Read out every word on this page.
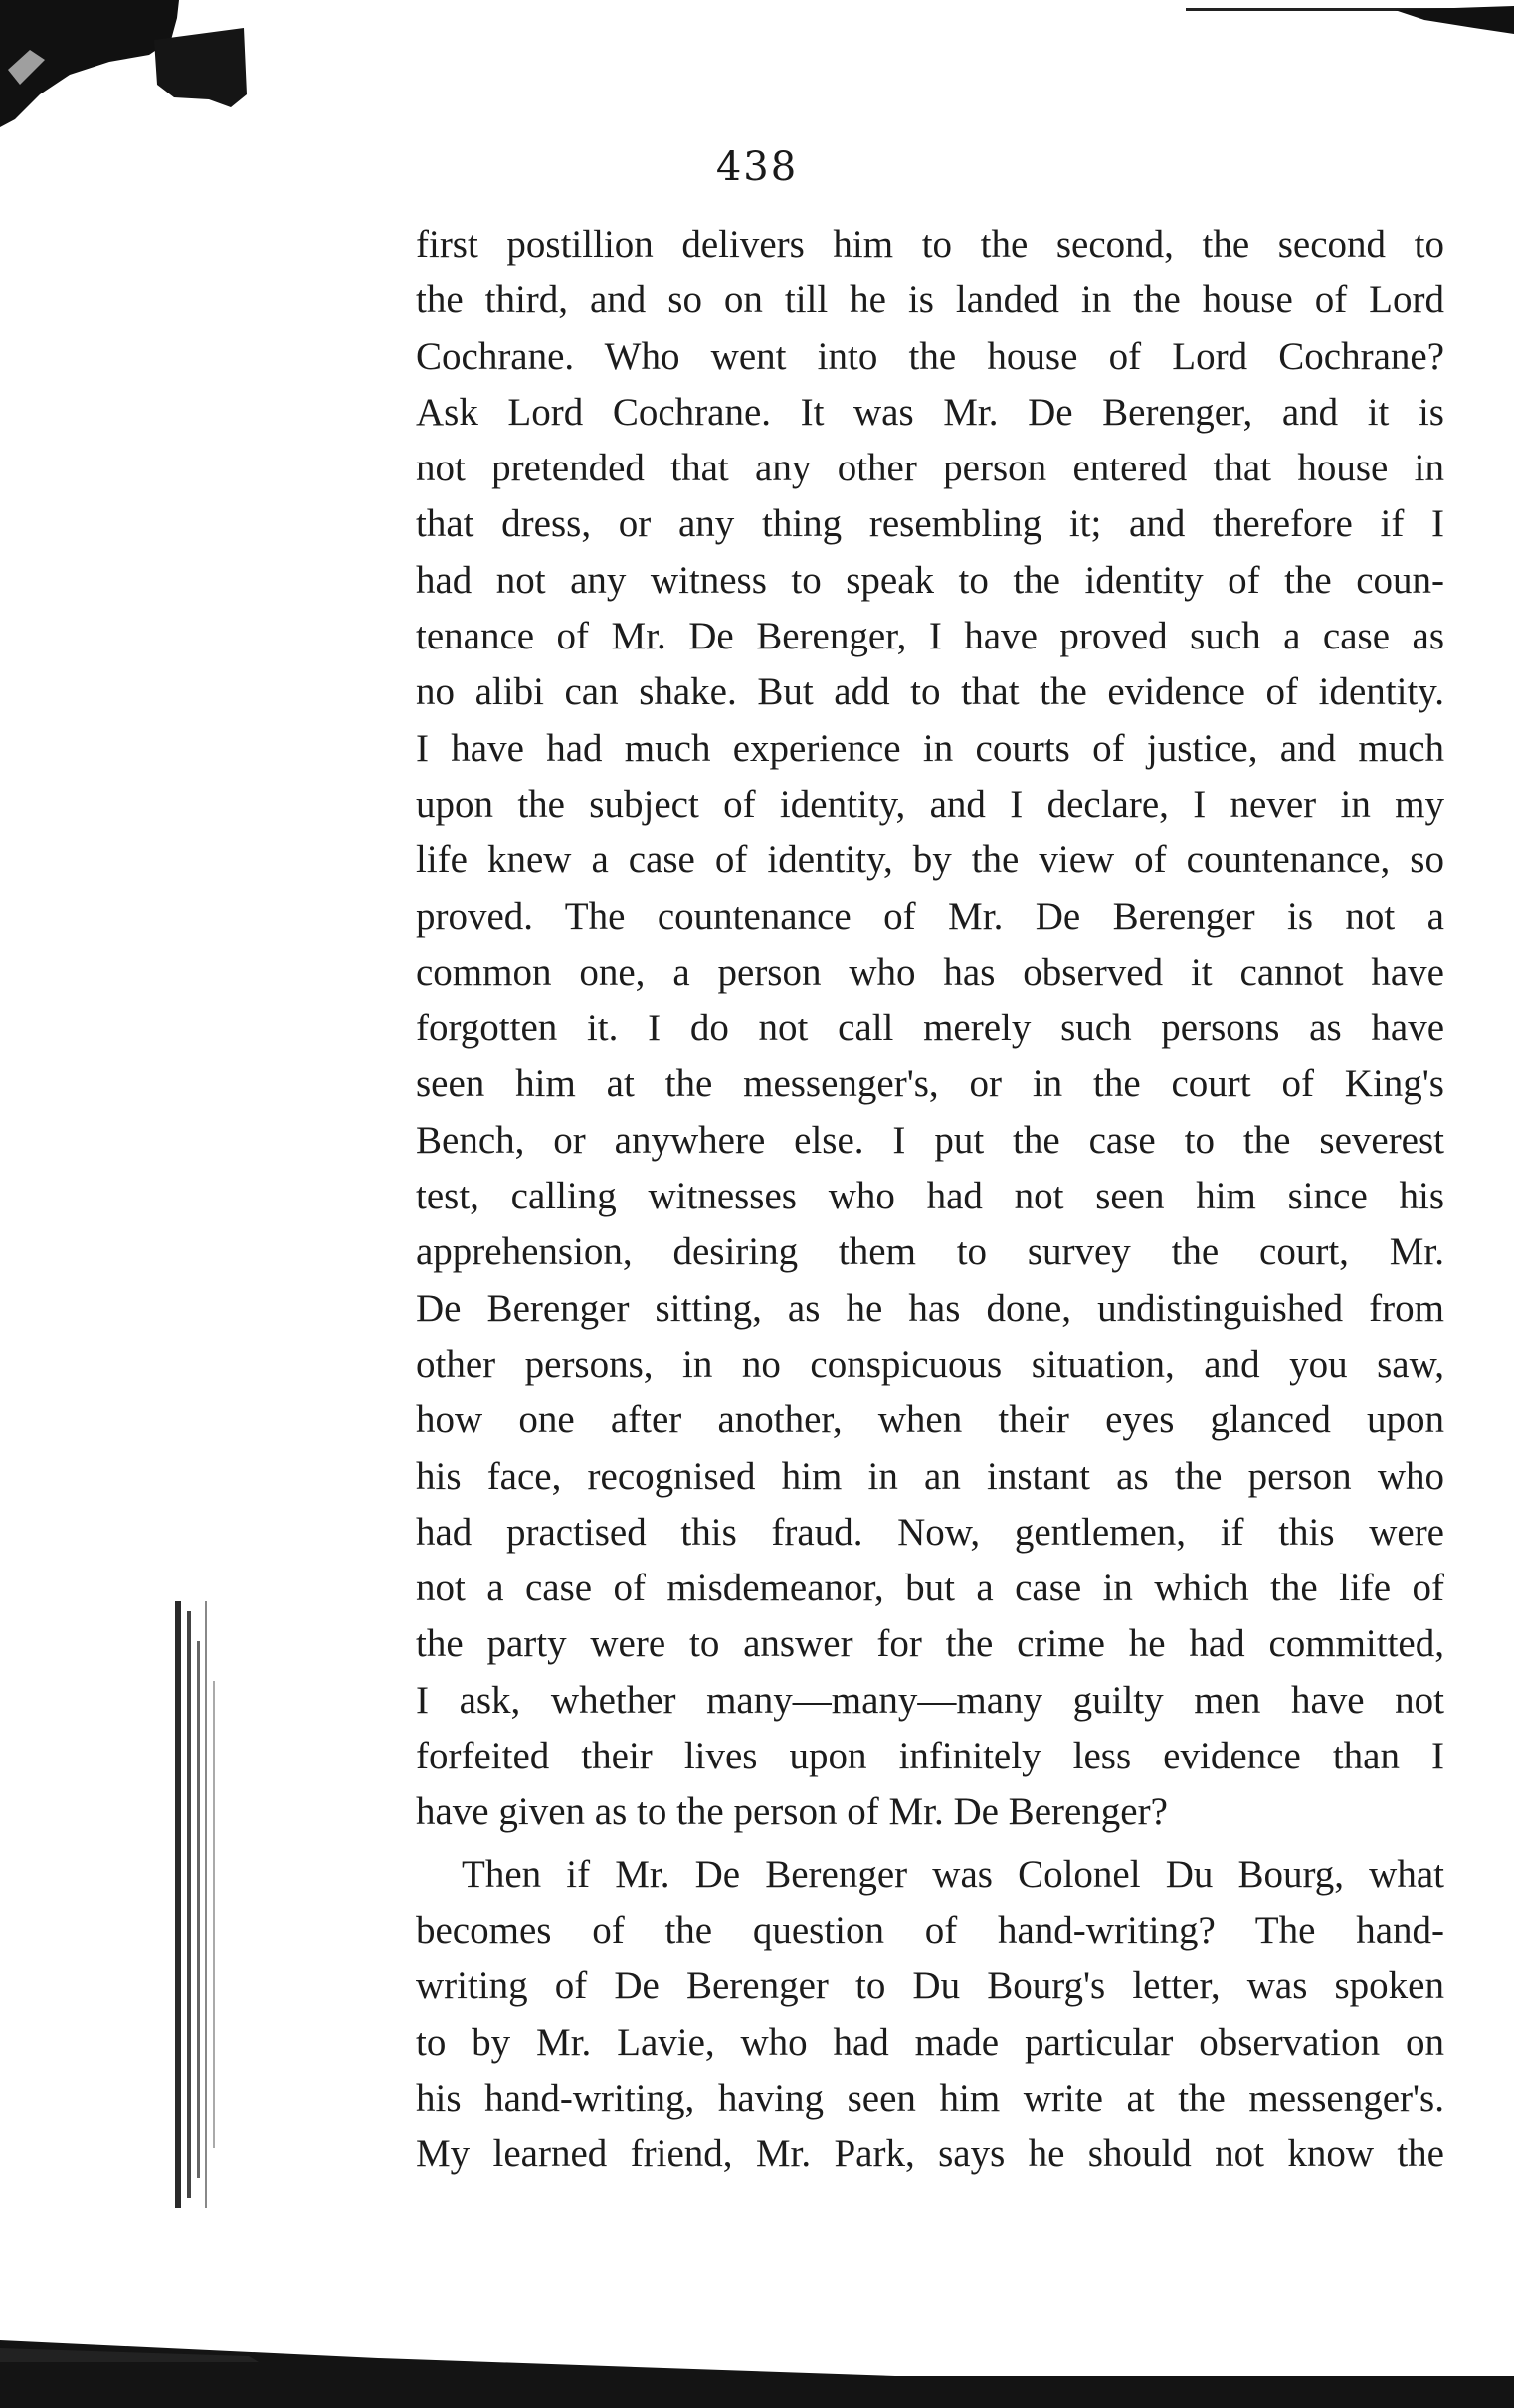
438
first postillion delivers him to the second, the second to
the third, and so on till he is landed in the house of Lord
Cochrane. Who went into the house of Lord Cochrane?
Ask Lord Cochrane. It was Mr. De Berenger, and it is
not pretended that any other person entered that house in
that dress, or any thing resembling it; and therefore if I
had not any witness to speak to the identity of the coun-
tenance of Mr. De Berenger, I have proved such a case as
no alibi can shake. But add to that the evidence of identity.
I have had much experience in courts of justice, and much
upon the subject of identity, and I declare, I never in my
life knew a case of identity, by the view of countenance, so
proved. The countenance of Mr. De Berenger is not a
common one, a person who has observed it cannot have
forgotten it. I do not call merely such persons as have
seen him at the messenger's, or in the court of King's
Bench, or anywhere else. I put the case to the severest
test, calling witnesses who had not seen him since his
apprehension, desiring them to survey the court, Mr.
De Berenger sitting, as he has done, undistinguished from
other persons, in no conspicuous situation, and you saw,
how one after another, when their eyes glanced upon
his face, recognised him in an instant as the person who
had practised this fraud. Now, gentlemen, if this were
not a case of misdemeanor, but a case in which the life of
the party were to answer for the crime he had committed,
I ask, whether many—many—many guilty men have not
forfeited their lives upon infinitely less evidence than I
have given as to the person of Mr. De Berenger?
Then if Mr. De Berenger was Colonel Du Bourg, what
becomes of the question of hand-writing? The hand-
writing of De Berenger to Du Bourg's letter, was spoken
to by Mr. Lavie, who had made particular observation on
his hand-writing, having seen him write at the messenger's.
My learned friend, Mr. Park, says he should not know the
